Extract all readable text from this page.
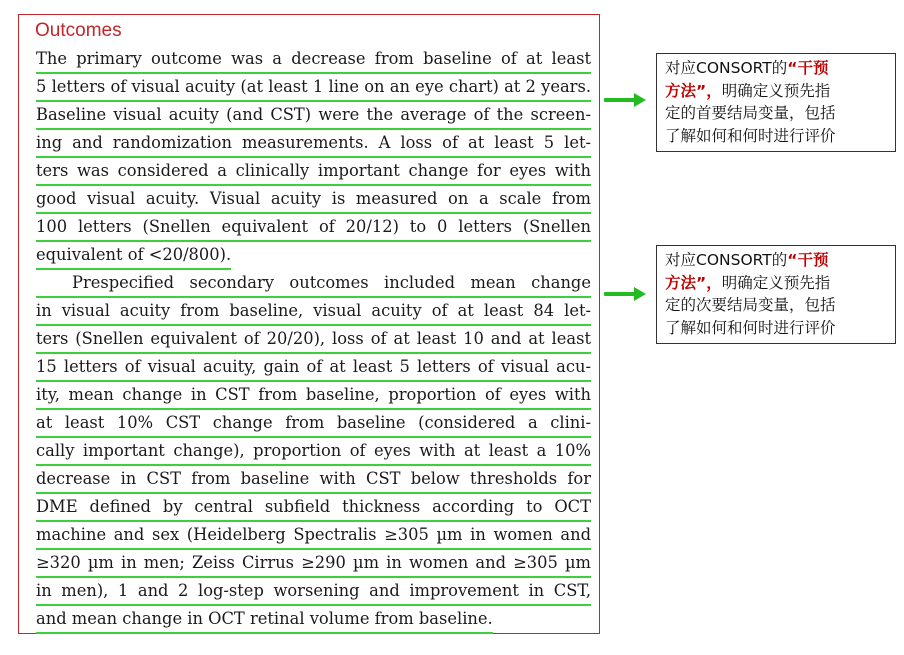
Outcomes
The primary outcome was a decrease from baseline of at least
5 letters of visual acuity (at least 1 line on an eye chart) at 2 years.
Baseline visual acuity (and CST) were the average of the screen-
ing and randomization measurements. A loss of at least 5 let-
ters was considered a clinically important change for eyes with
good visual acuity. Visual acuity is measured on a scale from
100 letters (Snellen equivalent of 20/12) to 0 letters (Snellen
equivalent of <20/800).
Prespecified secondary outcomes included mean change
in visual acuity from baseline, visual acuity of at least 84 let-
ters (Snellen equivalent of 20/20), loss of at least 10 and at least
15 letters of visual acuity, gain of at least 5 letters of visual acu-
ity, mean change in CST from baseline, proportion of eyes with
at least 10% CST change from baseline (considered a clini-
cally important change), proportion of eyes with at least a 10%
decrease in CST from baseline with CST below thresholds for
DME defined by central subfield thickness according to OCT
machine and sex (Heidelberg Spectralis ≥305 µm in women and
≥320 µm in men; Zeiss Cirrus ≥290 µm in women and ≥305 µm
in men), 1 and 2 log-step worsening and improvement in CST,
and mean change in OCT retinal volume from baseline.
对应CONSORT的“干预
方法”，明确定义预先指
定的首要结局变量，包括
了解如何和何时进行评价
对应CONSORT的“干预
方法”，明确定义预先指
定的次要结局变量，包括
了解如何和何时进行评价
